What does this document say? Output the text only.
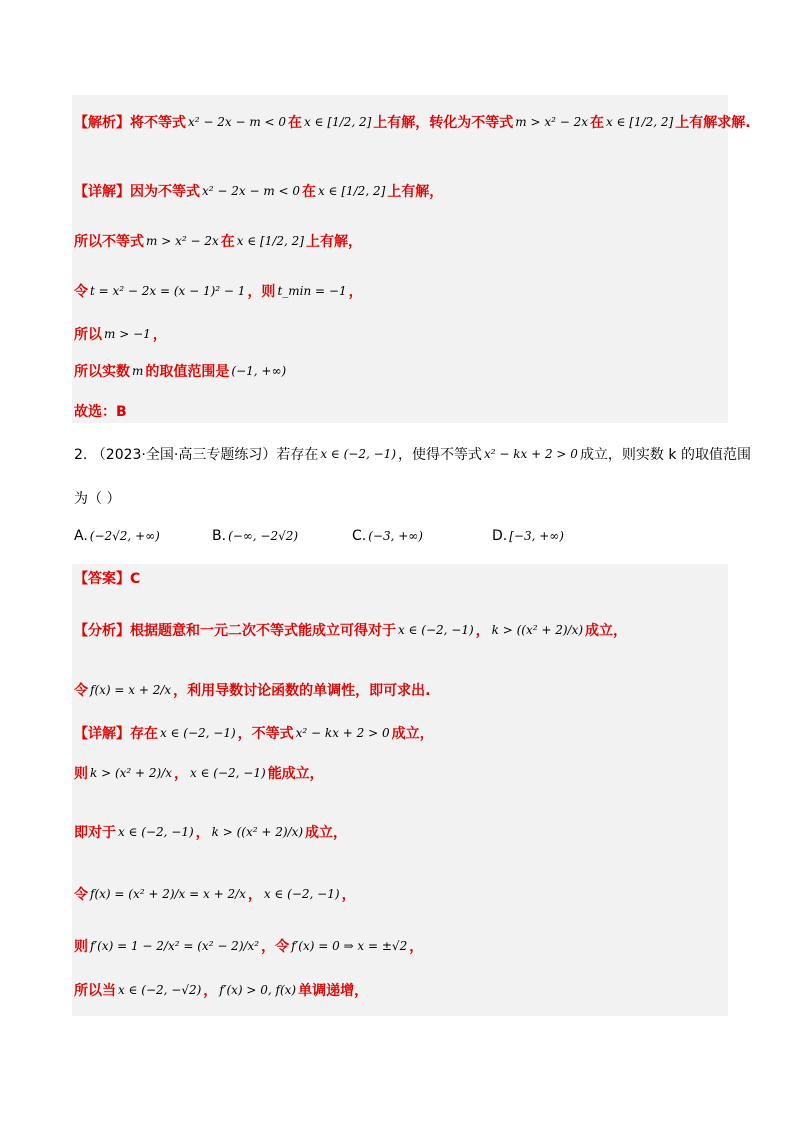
【解析】 将不等式 x² − 2x − m < 0 在 x ∈ [1/2, 2] 上有解，转化为不等式 m > x² − 2x 在 x ∈ [1/2, 2] 上有解求解.
【详解】 因为不等式 x² − 2x − m < 0 在 x ∈ [1/2, 2] 上有解，
所以不等式 m > x² − 2x 在 x ∈ [1/2, 2] 上有解，
令 t = x² − 2x = (x − 1)² − 1 ，则 t_min = −1 ，
所以 m > −1 ，
所以实数 m 的取值范围是 (−1, +∞)
故选：B
2. （2023·全国·高三专题练习）若存在 x ∈ (−2, −1) ，使得不等式 x² − kx + 2 > 0 成立，则实数 k 的取值范围
为（ ）
A. (−2√2, +∞)	B. (−∞, −2√2)	C. (−3, +∞)	D. [−3, +∞)
【答案】C
【分析】 根据题意和一元二次不等式能成立可得对于 x ∈ (−2, −1) ， k > ((x² + 2)/x) 成立，
令 f(x) = x + 2/x ，利用导数讨论函数的单调性，即可求出.
【详解】 存在 x ∈ (−2, −1) ，不等式 x² − kx + 2 > 0 成立，
则 k > (x² + 2)/x ， x ∈ (−2, −1) 能成立，
即对于 x ∈ (−2, −1) ， k > ((x² + 2)/x) 成立，
令 f(x) = (x² + 2)/x = x + 2/x ， x ∈ (−2, −1) ，
则 f′(x) = 1 − 2/x² = (x² − 2)/x² ，令 f′(x) = 0 ⇒ x = ±√2 ，
所以当 x ∈ (−2, −√2) ， f′(x) > 0, f(x) 单调递增，
